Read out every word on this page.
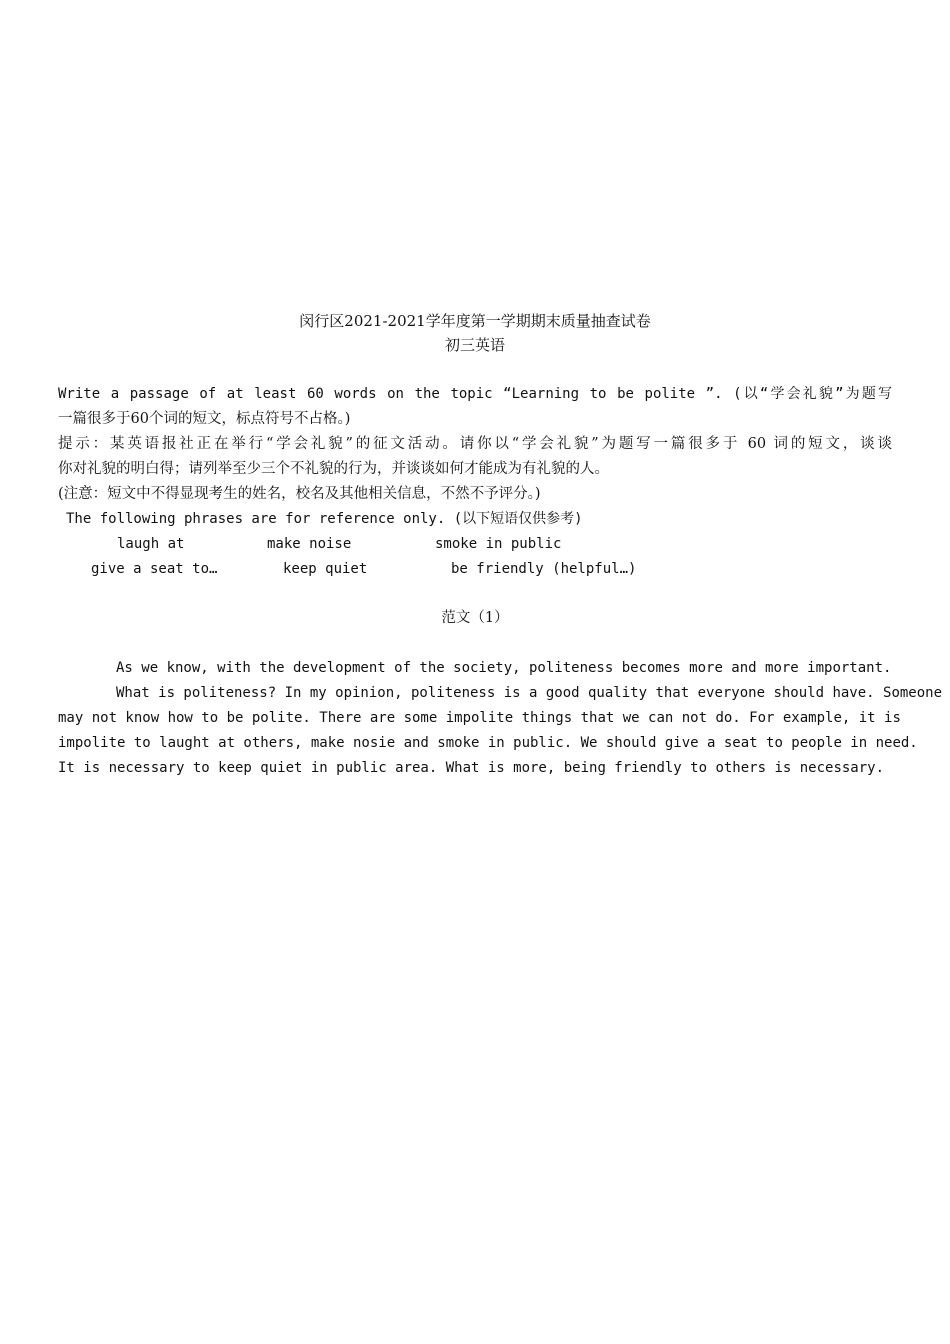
闵行区2021-2021学年度第一学期期末质量抽查试卷
初三英语
Write a passage of at least 60 words on the topic “Learning to be polite ”. (以“学会礼貌”为题写
一篇很多于60个词的短文，标点符号不占格。)
提示：某英语报社正在举行“学会礼貌”的征文活动。请你以“学会礼貌”为题写一篇很多于 60 词的短文，谈谈
你对礼貌的明白得；请列举至少三个不礼貌的行为，并谈谈如何才能成为有礼貌的人。
(注意：短文中不得显现考生的姓名，校名及其他相关信息，不然不予评分。)
The following phrases are for reference only. (以下短语仅供参考)
laugh at	make noise	smoke in public
give a seat to…	keep quiet	be friendly (helpful…)
范文（1）
As we know, with the development of the society, politeness becomes more and more important.
What is politeness? In my opinion, politeness is a good quality that everyone should have. Someone
may not know how to be polite. There are some impolite things that we can not do. For example, it is
impolite to laught at others, make nosie and smoke in public. We should give a seat to people in need.
It is necessary to keep quiet in public area. What is more, being friendly to others is necessary.
